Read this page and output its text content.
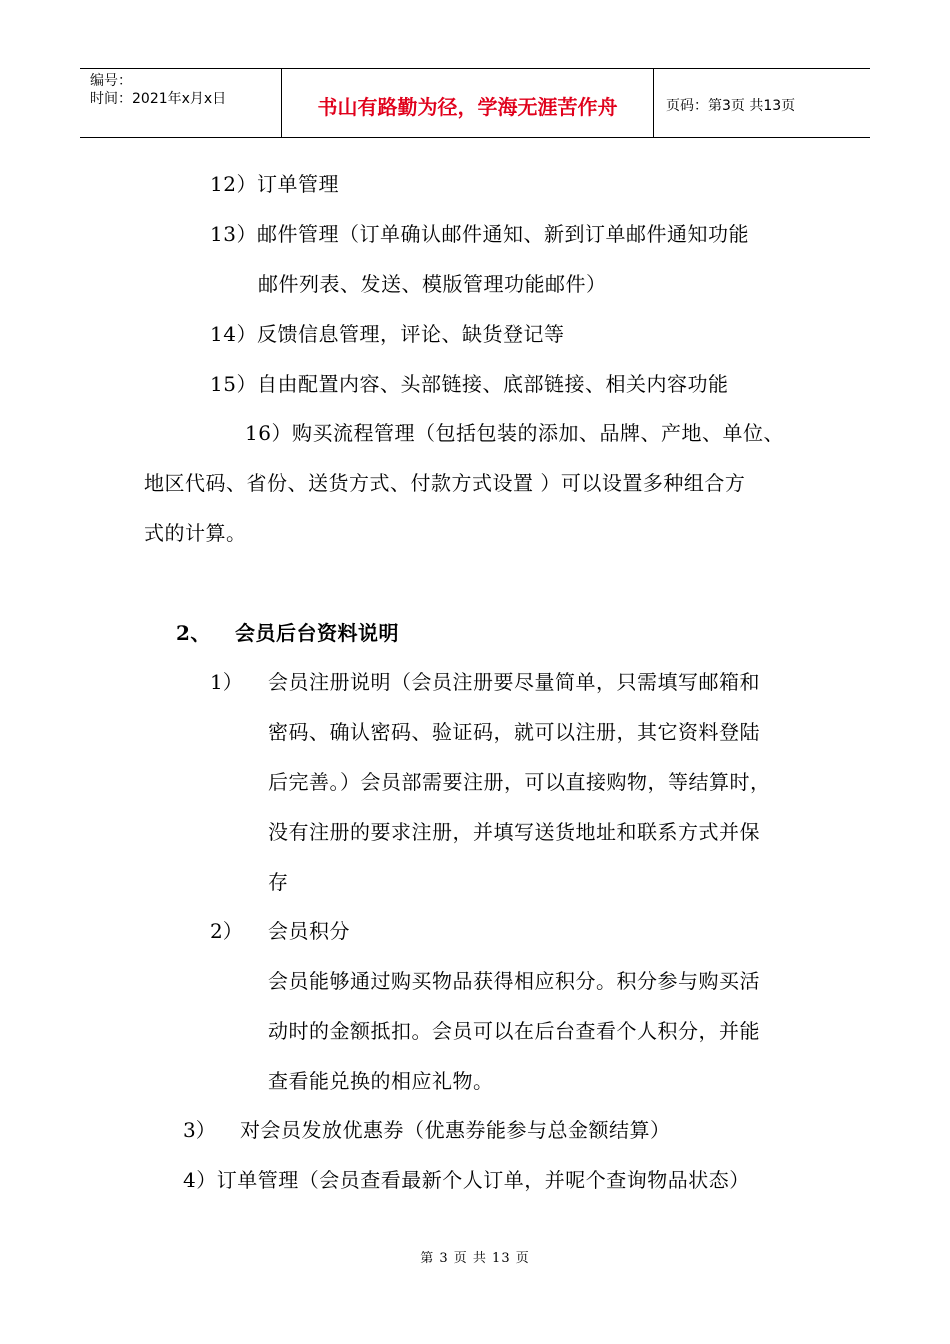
编号：
时间：2021年x月x日	书山有路勤为径，学海无涯苦作舟	页码：第3页 共13页
12）订单管理
13）邮件管理（订单确认邮件通知、新到订单邮件通知功能
邮件列表、发送、模版管理功能邮件）
14）反馈信息管理，评论、缺货登记等
15）自由配置内容、头部链接、底部链接、相关内容功能
16）购买流程管理（包括包装的添加、品牌、产地、单位、
地区代码、省份、送货方式、付款方式设置 ）可以设置多种组合方
式的计算。
2、 会员后台资料说明
1） 会员注册说明（会员注册要尽量简单，只需填写邮箱和
密码、确认密码、验证码，就可以注册，其它资料登陆
后完善。）会员部需要注册，可以直接购物，等结算时，
没有注册的要求注册，并填写送货地址和联系方式并保
存
2） 会员积分
会员能够通过购买物品获得相应积分。积分参与购买活
动时的金额抵扣。会员可以在后台查看个人积分，并能
查看能兑换的相应礼物。
3） 对会员发放优惠券（优惠券能参与总金额结算）
4）订单管理（会员查看最新个人订单，并呢个查询物品状态）
第 3 页 共 13 页
